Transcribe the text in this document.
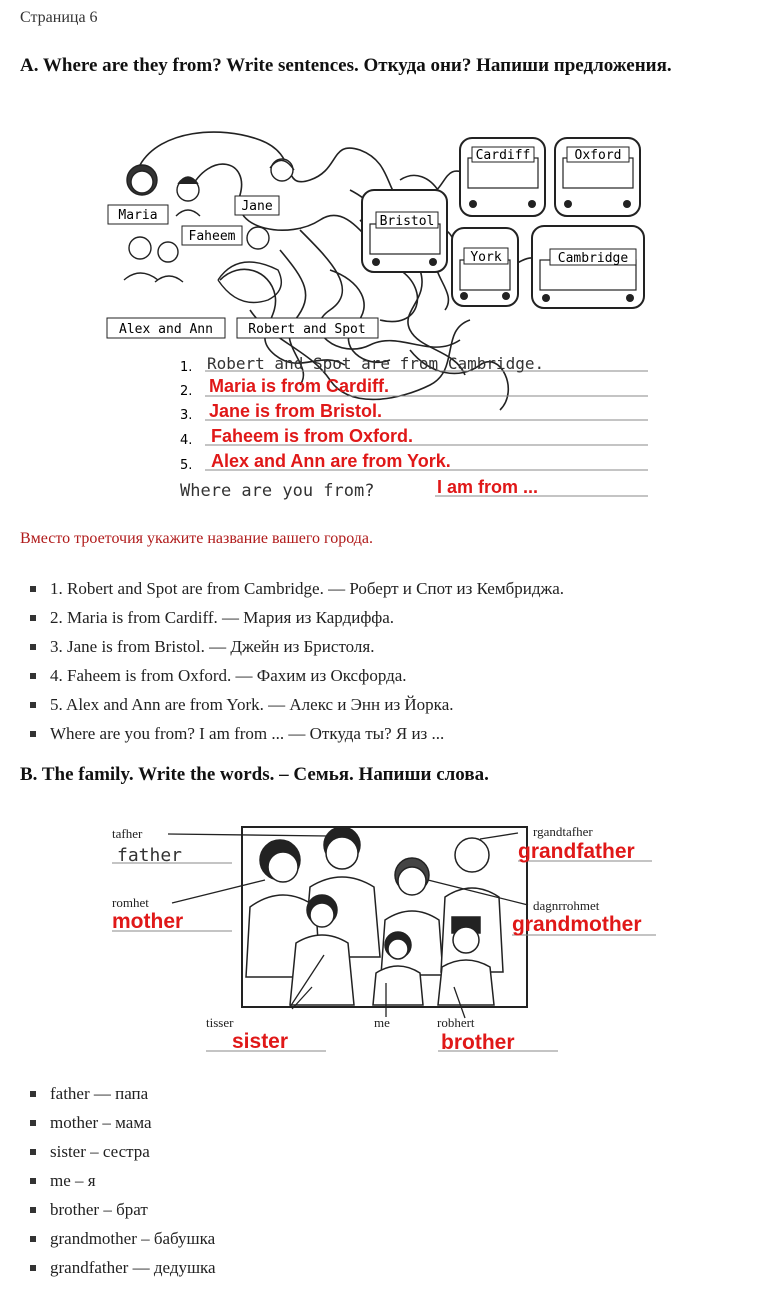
Страница 6
A. Where are they from? Write sentences. Откуда они? Напиши предложения.
Maria
Jane
Faheem
Alex and Ann	Robert and Spot
Cardiff	Oxford
Bristol
York	Cambridge
1. Robert and Spot are from Cambridge.
2. Maria is from Cardiff.
3. Jane is from Bristol.
4. Faheem is from Oxford.
5. Alex and Ann are from York.
Where are you from?	I am from ...
Вместо троеточия укажите название вашего города.
1. Robert and Spot are from Cambridge. — Роберт и Спот из Кембриджа.
2. Maria is from Cardiff. — Мария из Кардиффа.
3. Jane is from Bristol. — Джейн из Бристоля.
4. Faheem is from Oxford. — Фахим из Оксфорда.
5. Alex and Ann are from York. — Алекс и Энн из Йорка.
Where are you from? I am from ... — Откуда ты? Я из ...
B. The family. Write the words. – Семья. Напиши слова.
tafher
romhet
rgandtafher
dagnrrohmet
tisser	me	robhert
father
mother
grandfather
grandmother
sister	brother
father — папа
mother – мама
sister – сестра
me – я
brother – брат
grandmother – бабушка
grandfather — дедушка
